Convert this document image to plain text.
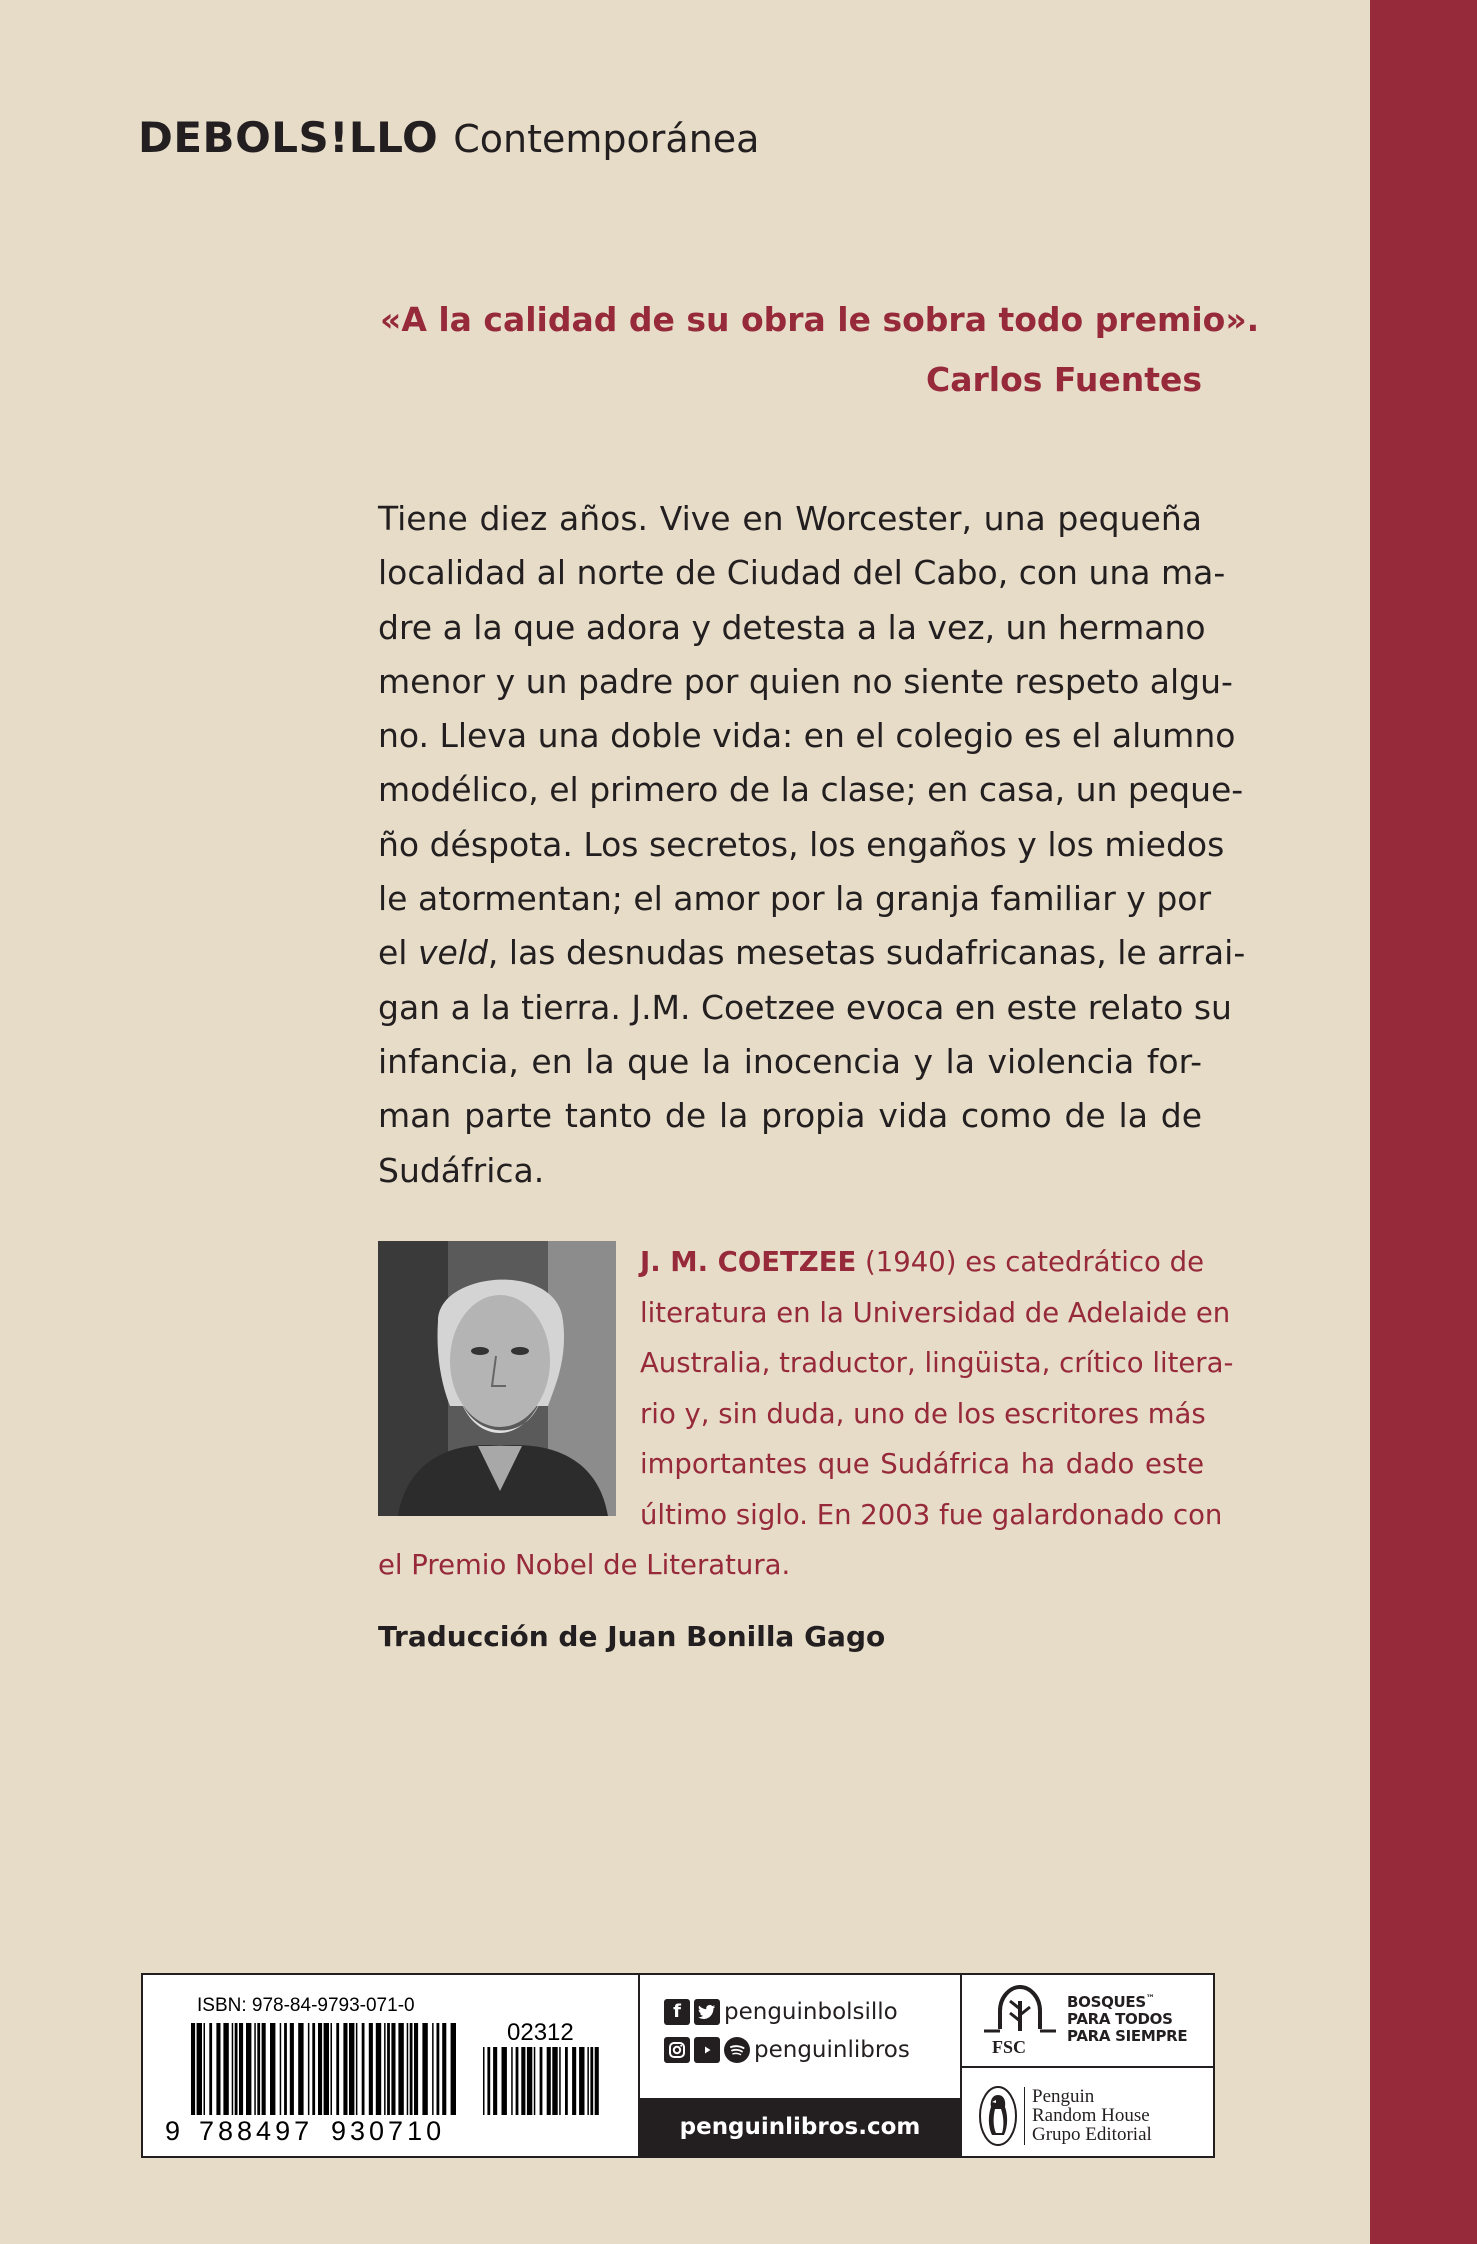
DEBOLS!LLO Contemporánea
«A la calidad de su obra le sobra todo premio».
Carlos Fuentes
Tiene diez años. Vive en Worcester, una pequeña
localidad al norte de Ciudad del Cabo, con una ma-
dre a la que adora y detesta a la vez, un hermano
menor y un padre por quien no siente respeto algu-
no. Lleva una doble vida: en el colegio es el alumno
modélico, el primero de la clase; en casa, un peque-
ño déspota. Los secretos, los engaños y los miedos
le atormentan; el amor por la granja familiar y por
el veld, las desnudas mesetas sudafricanas, le arrai-
gan a la tierra. J.M. Coetzee evoca en este relato su
infancia, en la que la inocencia y la violencia for-
man parte tanto de la propia vida como de la de
Sudáfrica.
J. M. COETZEE (1940) es catedrático de
literatura en la Universidad de Adelaide en
Australia, traductor, lingüista, crítico litera-
rio y, sin duda, uno de los escritores más
importantes que Sudáfrica ha dado este
último siglo. En 2003 fue galardonado con
el Premio Nobel de Literatura.
Traducción de Juan Bonilla Gago
ISBN: 978-84-9793-071-0
02312
9 788497 930710
f	penguinbolsillo
penguinlibros
penguinlibros.com
FSC
BOSQUES™
PARA TODOS
PARA SIEMPRE
Penguin
Random House
Grupo Editorial
